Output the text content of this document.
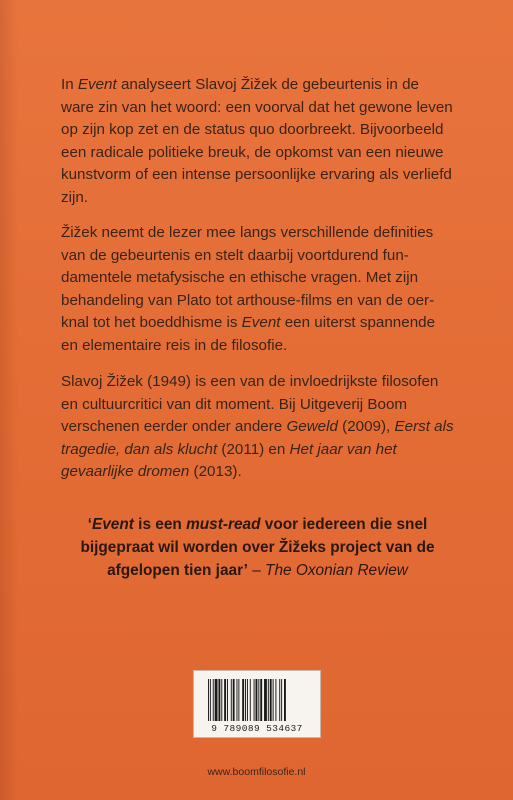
In Event analyseert Slavoj Žižek de gebeurtenis in de ware zin van het woord: een voorval dat het gewone leven op zijn kop zet en de status quo doorbreekt. Bijvoorbeeld een radicale politieke breuk, de opkomst van een nieuwe kunstvorm of een intense persoonlijke ervaring als verliefd zijn.

Žižek neemt de lezer mee langs verschillende definities van de gebeurtenis en stelt daarbij voortdurend fundamentele metafysische en ethische vragen. Met zijn behandeling van Plato tot arthouse-films en van de oerknal tot het boeddhisme is Event een uiterst spannende en elementaire reis in de filosofie.

Slavoj Žižek (1949) is een van de invloedrijkste filosofen en cultuurcritici van dit moment. Bij Uitgeverij Boom verschenen eerder onder andere Geweld (2009), Eerst als tragedie, dan als klucht (2011) en Het jaar van het gevaarlijke dromen (2013).

‘Event is een must-read voor iedereen die snel bijgepraat wil worden over Žižeks project van de afgelopen tien jaar’ – The Oxonian Review

9 789089 534637
www.boomfilosofie.nl
